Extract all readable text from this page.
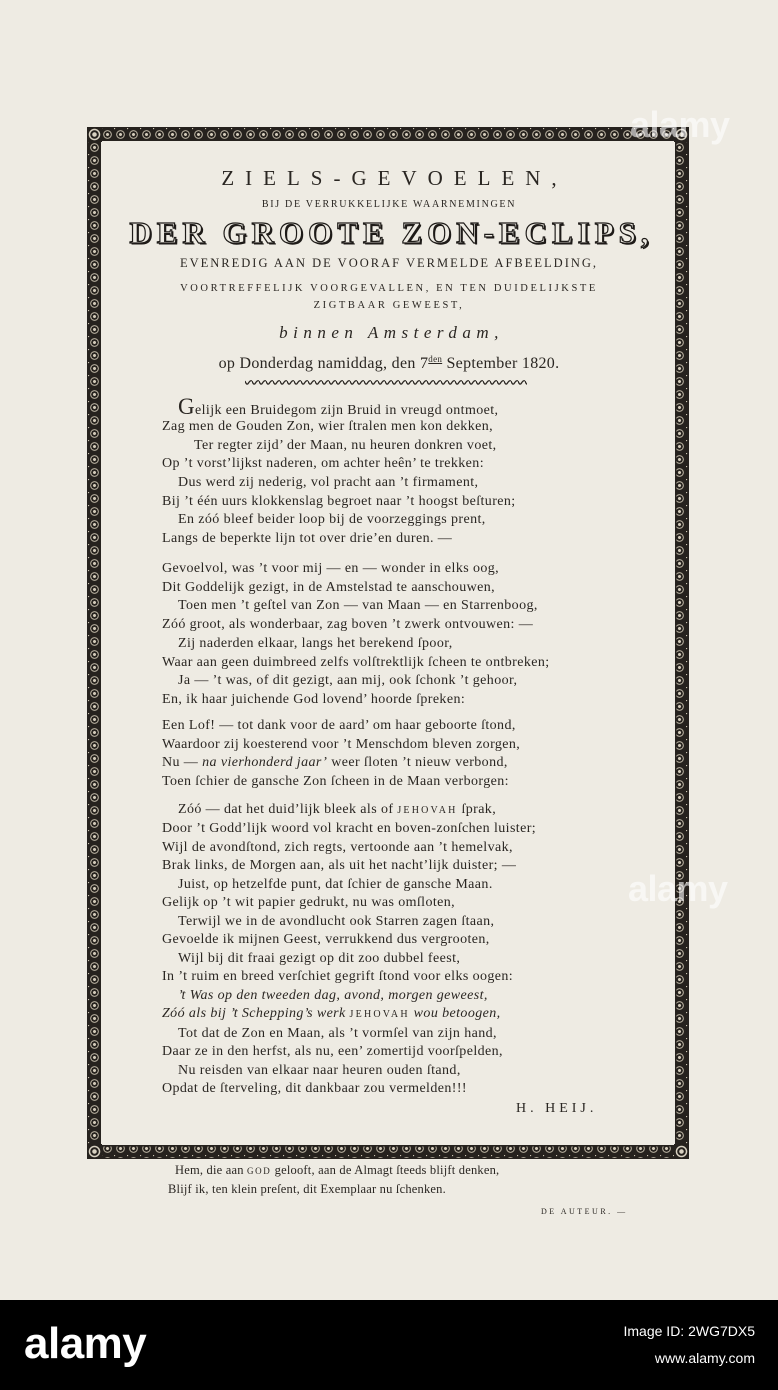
ZIELS-GEVOELEN,
BIJ DE VERRUKKELIJKE WAARNEMINGEN
DER GROOTE ZON-ECLIPS,
EVENREDIG AAN DE VOORAF VERMELDE AFBEELDING,
VOORTREFFELIJK VOORGEVALLEN, EN TEN DUIDELIJKSTE
ZIGTBAAR GEWEEST,
binnen Amsterdam,
op Donderdag namiddag, den $7^{den}$ September 1820.
Gelijk een Bruidegom zijn Bruid in vreugd ontmoet,
Zag men de Gouden Zon, wier ſtralen men kon dekken,
Ter regter zijd’ der Maan, nu heuren donkren voet,
Op ’t vorst’lijkst naderen, om achter heên’ te trekken:
Dus werd zij nederig, vol pracht aan ’t firmament,
Bij ’t één uurs klokkenslag begroet naar ’t hoogst beſturen;
En zóó bleef beider loop bij de voorzeggings prent,
Langs de beperkte lijn tot over drie’en duren. —
Gevoelvol, was ’t voor mij — en — wonder in elks oog,
Dit Goddelijk gezigt, in de Amstelstad te aanschouwen,
Toen men ’t geſtel van Zon — van Maan — en Starrenboog,
Zóó groot, als wonderbaar, zag boven ’t zwerk ontvouwen: —
Zij naderden elkaar, langs het berekend ſpoor,
Waar aan geen duimbreed zelfs volſtrektlijk ſcheen te ontbreken;
Ja — ’t was, of dit gezigt, aan mij, ook ſchonk ’t gehoor,
En, ik haar juichende God lovend’ hoorde ſpreken:
Een Lof! — tot dank voor de aard’ om haar geboorte ſtond,
Waardoor zij koesterend voor ’t Menschdom bleven zorgen,
Nu — na vierhonderd jaar’ weer ſloten ’t nieuw verbond,
Toen ſchier de gansche Zon ſcheen in de Maan verborgen:
Zóó — dat het duid’lijk bleek als of JEHOVAH ſprak,
Door ’t Godd’lijk woord vol kracht en boven-zonſchen luister;
Wijl de avondſtond, zich regts, vertoonde aan ’t hemelvak,
Brak links, de Morgen aan, als uit het nacht’lijk duister; —
Juist, op hetzelfde punt, dat ſchier de gansche Maan.
Gelijk op ’t wit papier gedrukt, nu was omſloten,
Terwijl we in de avondlucht ook Starren zagen ſtaan,
Gevoelde ik mijnen Geest, verrukkend dus vergrooten,
Wijl bij dit fraai gezigt op dit zoo dubbel feest,
In ’t ruim en breed verſchiet gegrift ſtond voor elks oogen:
’t Was op den tweeden dag, avond, morgen geweest,
Zóó als bij ’t Schepping’s werk JEHOVAH wou betoogen,
Tot dat de Zon en Maan, als ’t vormſel van zijn hand,
Daar ze in den herfst, als nu, een’ zomertijd voorſpelden,
Nu reisden van elkaar naar heuren ouden ſtand,
Opdat de ſterveling, dit dankbaar zou vermelden!!!
H. HEIJ.
Hem, die aan GOD gelooft, aan de Almagt ſteeds blijft denken,
Blijf ik, ten klein preſent, dit Exemplaar nu ſchenken.
DE AUTEUR. —
alamy
alamy
alamy	Image ID: 2WG7DX5
www.alamy.com
